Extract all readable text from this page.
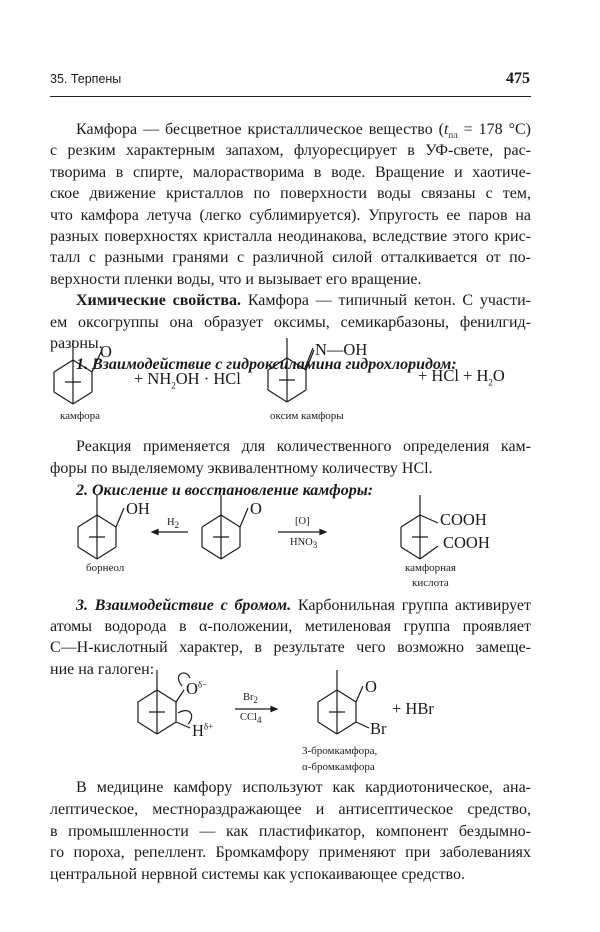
35. Терпены	475
Камфора — бесцветное кристаллическое вещество ($t_{пл} = 178$ °C)
с резким характерным запахом, флуоресцирует в УФ-свете, рас-
творима в спирте, малорастворима в воде. Вращение и хаотиче-
ское движение кристаллов по поверхности воды связаны с тем,
что камфора летуча (легко сублимируется). Упругость ее паров на
разных поверхностях кристалла неодинакова, вследствие этого крис-
талл с разными гранями с различной силой отталкивается от по-
верхности пленки воды, что и вызывает его вращение.
Химические свойства. Камфора — типичный кетон. С участи-
ем оксогруппы она образует оксимы, семикарбазоны, фенилгид-
разоны.
1. Взаимодействие с гидроксиламина гидрохлоридом:
O
+ $NH_2OH$ · HCl
N—OH
+ HCl + $H_2O$
камфора	оксим камфоры
Реакция применяется для количественного определения кам-
форы по выделяемому эквивалентному количеству HCl.
2. Окисление и восстановление камфоры:
OH
$H_2$
O
[O]
$HNO_3$
COOH
COOH
борнеол	камфорная
кислота
3. Взаимодействие с бромом. Карбонильная группа активирует
атомы водорода в α-положении, метиленовая группа проявляет
C—H-кислотный характер, в результате чего возможно замеще-
ние на галоген:
$O^{\delta-}$
$H^{\delta+}$
$Br_2$
CCl$_4$
O
Br
+ HBr
3-бромкамфора,
α-бромкамфора
В медицине камфору используют как кардиотоническое, ана-
лептическое, местнораздражающее и антисептическое средство,
в промышленности — как пластификатор, компонент бездымно-
го пороха, репеллент. Бромкамфору применяют при заболеваниях
центральной нервной системы как успокаивающее средство.
